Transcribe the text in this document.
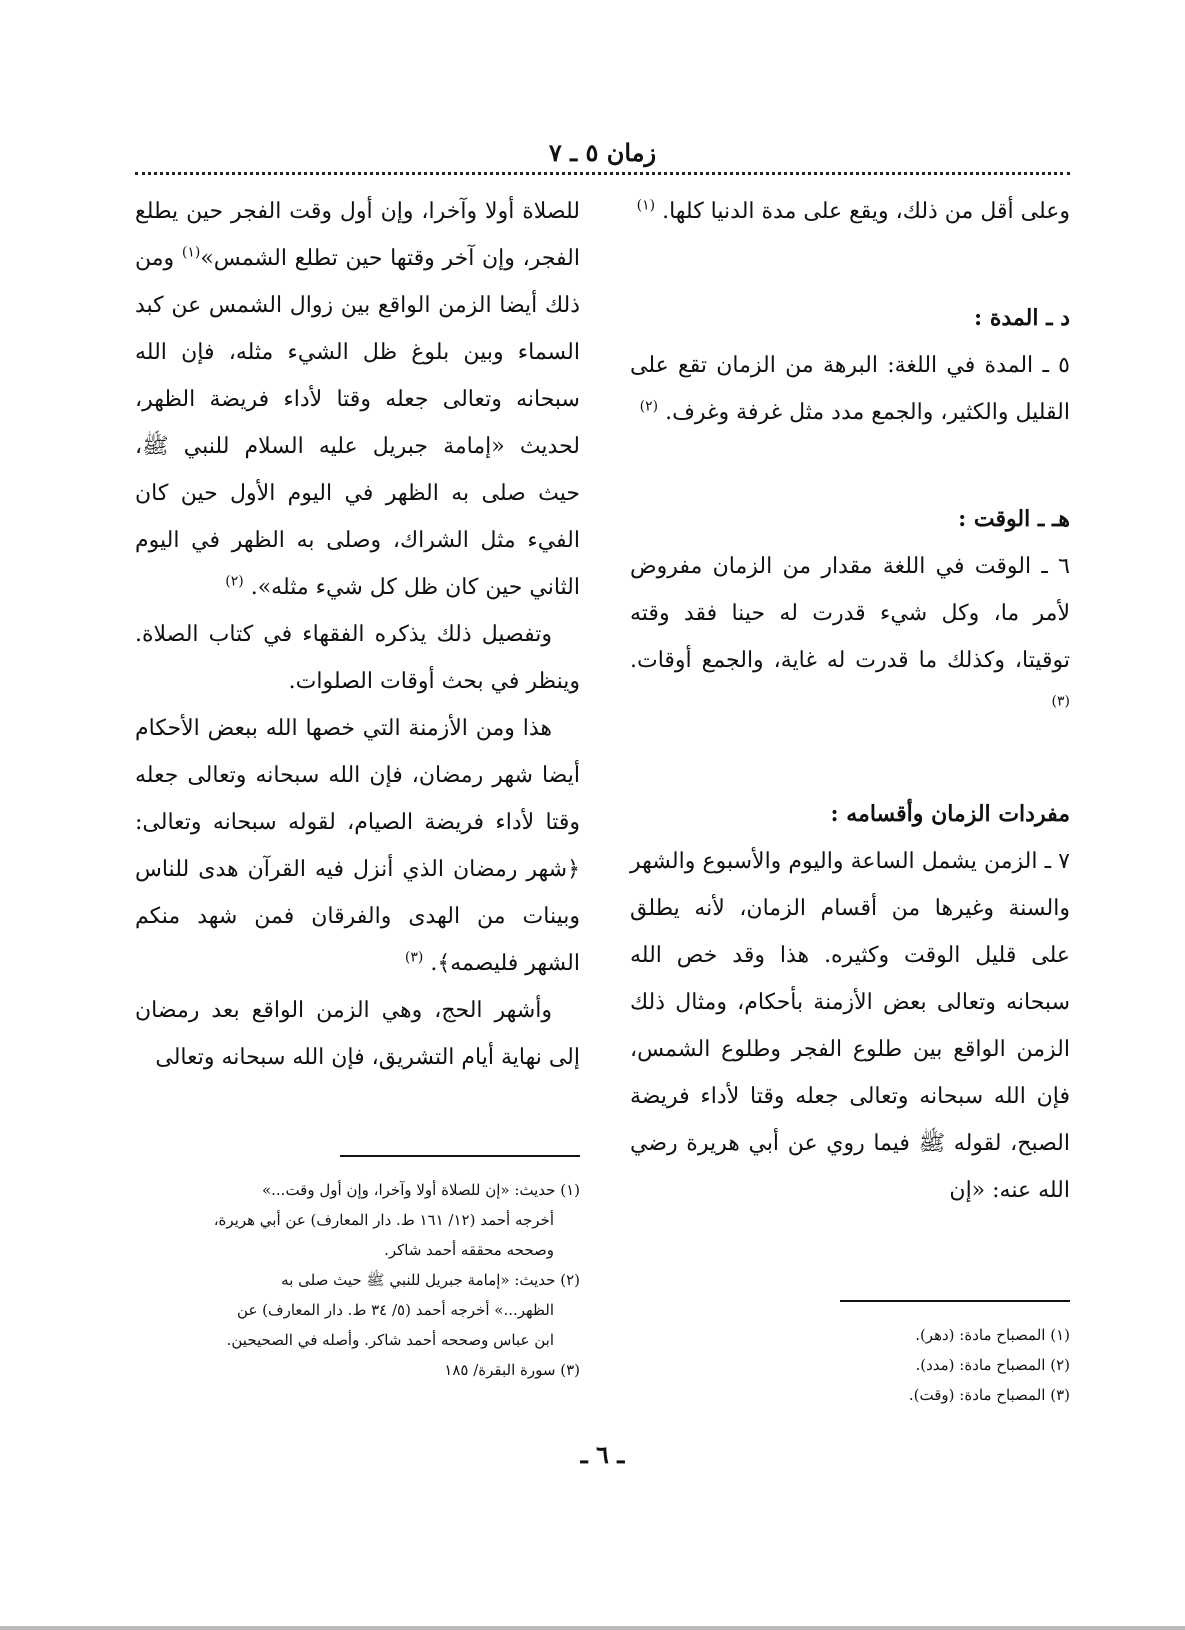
زمان ٥ ـ ٧

وعلى أقل من ذلك، ويقع على مدة الدنيا كلها. $^{(١)}$

د ـ المدة :

٥ ـ المدة في اللغة: البرهة من الزمان تقع على القليل والكثير، والجمع مدد مثل غرفة وغرف. $^{(٢)}$

هـ ـ الوقت :

٦ ـ الوقت في اللغة مقدار من الزمان مفروض لأمر ما، وكل شيء قدرت له حينا فقد وقته توقيتا، وكذلك ما قدرت له غاية، والجمع أوقات. $^{(٣)}$

مفردات الزمان وأقسامه :

٧ ـ الزمن يشمل الساعة واليوم والأسبوع والشهر والسنة وغيرها من أقسام الزمان، لأنه يطلق على قليل الوقت وكثيره. هذا وقد خص الله سبحانه وتعالى بعض الأزمنة بأحكام، ومثال ذلك الزمن الواقع بين طلوع الفجر وطلوع الشمس، فإن الله سبحانه وتعالى جعله وقتا لأداء فريضة الصبح، لقوله ﷺ فيما روي عن أبي هريرة رضي الله عنه: «إن

للصلاة أولا وآخرا، وإن أول وقت الفجر حين يطلع الفجر، وإن آخر وقتها حين تطلع الشمس»$^{(١)}$ ومن ذلك أيضا الزمن الواقع بين زوال الشمس عن كبد السماء وبين بلوغ ظل الشيء مثله، فإن الله سبحانه وتعالى جعله وقتا لأداء فريضة الظهر، لحديث «إمامة جبريل عليه السلام للنبي ﷺ، حيث صلى به الظهر في اليوم الأول حين كان الفيء مثل الشراك، وصلى به الظهر في اليوم الثاني حين كان ظل كل شيء مثله». $^{(٢)}$

وتفصيل ذلك يذكره الفقهاء في كتاب الصلاة. وينظر في بحث أوقات الصلوات.

هذا ومن الأزمنة التي خصها الله ببعض الأحكام أيضا شهر رمضان، فإن الله سبحانه وتعالى جعله وقتا لأداء فريضة الصيام، لقوله سبحانه وتعالى: ﴿شهر رمضان الذي أنزل فيه القرآن هدى للناس وبينات من الهدى والفرقان فمن شهد منكم الشهر فليصمه﴾. $^{(٣)}$

وأشهر الحج، وهي الزمن الواقع بعد رمضان إلى نهاية أيام التشريق، فإن الله سبحانه وتعالى

(١) حديث: «إن للصلاة أولا وآخرا، وإن أول وقت...»

أخرجه أحمد (١٢/ ١٦١ ط. دار المعارف) عن أبي هريرة،

وصححه محققه أحمد شاكر.

(٢) حديث: «إمامة جبريل للنبي ﷺ حيث صلى به

الظهر...» أخرجه أحمد (٥/ ٣٤ ط. دار المعارف) عن

ابن عباس وصححه أحمد شاكر. وأصله في الصحيحين.

(٣) سورة البقرة/ ١٨٥

(١) المصباح مادة: (دهر).

(٢) المصباح مادة: (مدد).

(٣) المصباح مادة: (وقت).

ـ ٦ ـ
